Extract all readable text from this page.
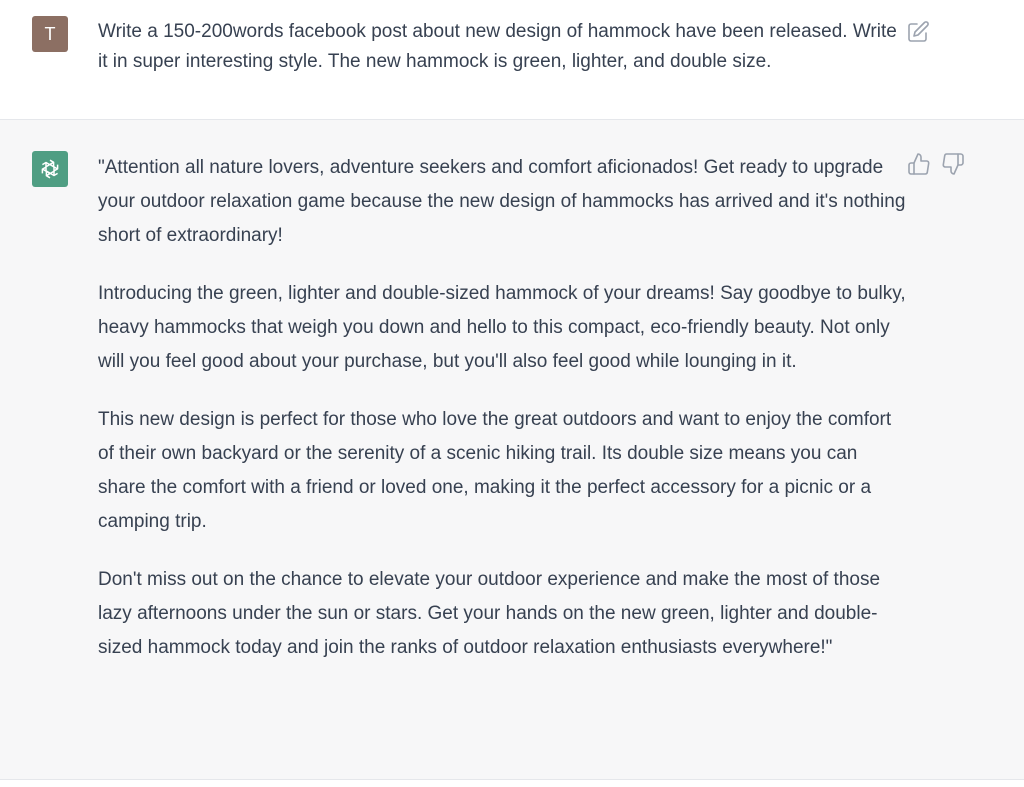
T	Write a 150-200words facebook post about new design of hammock have been released. Write it in super interesting style. The new hammock is green, lighter, and double size.

"Attention all nature lovers, adventure seekers and comfort aficionados! Get ready to upgrade your outdoor relaxation game because the new design of hammocks has arrived and it's nothing short of extraordinary!

Introducing the green, lighter and double-sized hammock of your dreams! Say goodbye to bulky, heavy hammocks that weigh you down and hello to this compact, eco-friendly beauty. Not only will you feel good about your purchase, but you'll also feel good while lounging in it.

This new design is perfect for those who love the great outdoors and want to enjoy the comfort of their own backyard or the serenity of a scenic hiking trail. Its double size means you can share the comfort with a friend or loved one, making it the perfect accessory for a picnic or a camping trip.

Don't miss out on the chance to elevate your outdoor experience and make the most of those lazy afternoons under the sun or stars. Get your hands on the new green, lighter and double-sized hammock today and join the ranks of outdoor relaxation enthusiasts everywhere!"
